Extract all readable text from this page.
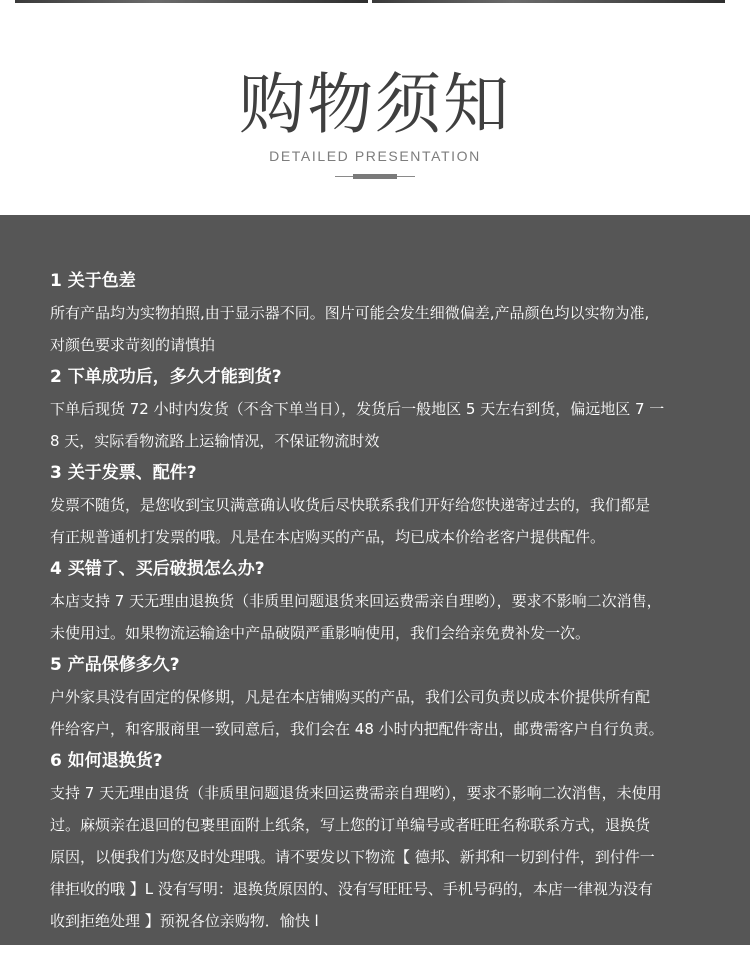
购物须知
DETAILED PRESENTATION
1 关于色差
所有产品均为实物拍照,由于显示器不同。图片可能会发生细微偏差,产品颜色均以实物为准,
对颜色要求苛刻的请慎拍
2 下单成功后，多久才能到货?
下单后现货 72 小时内发货（不含下单当日），发货后一般地区 5 天左右到货，偏远地区 7 一
8 天，实际看物流路上运输情况，不保证物流时效
3 关于发票、配件?
发票不随货，是您收到宝贝满意确认收货后尽快联系我们开好给您快递寄过去的，我们都是
有正规普通机打发票的哦。凡是在本店购买的产品，均已成本价给老客户提供配件。
4 买错了、买后破损怎么办?
本店支持 7 天无理由退换货（非质里问题退货来回运费需亲自理哟），要求不影响二次消售，
未使用过。如果物流运输途中产品破陨严重影响使用，我们会给亲免费补发一次。
5 产品保修多久?
户外家具没有固定的保修期，凡是在本店铺购买的产品，我们公司负责以成本价提供所有配
件给客户，和客服商里一致同意后，我们会在 48 小时内把配件寄出，邮费需客户自行负责。
6 如何退换货?
支持 7 天无理由退货（非质里问题退货来回运费需亲自理哟），要求不影响二次消售，未使用
过。麻烦亲在退回的包裹里面附上纸条，写上您的订单编号或者旺旺名称联系方式，退换货
原因，以便我们为您及时处理哦。请不要发以下物流【 德邦、新邦和一切到付件，到付件一
律拒收的哦 】L 没有写明：退换货原因的、没有写旺旺号、手机号码的，本店一律视为没有
收到拒绝处理 】预祝各位亲购物．愉快 l
